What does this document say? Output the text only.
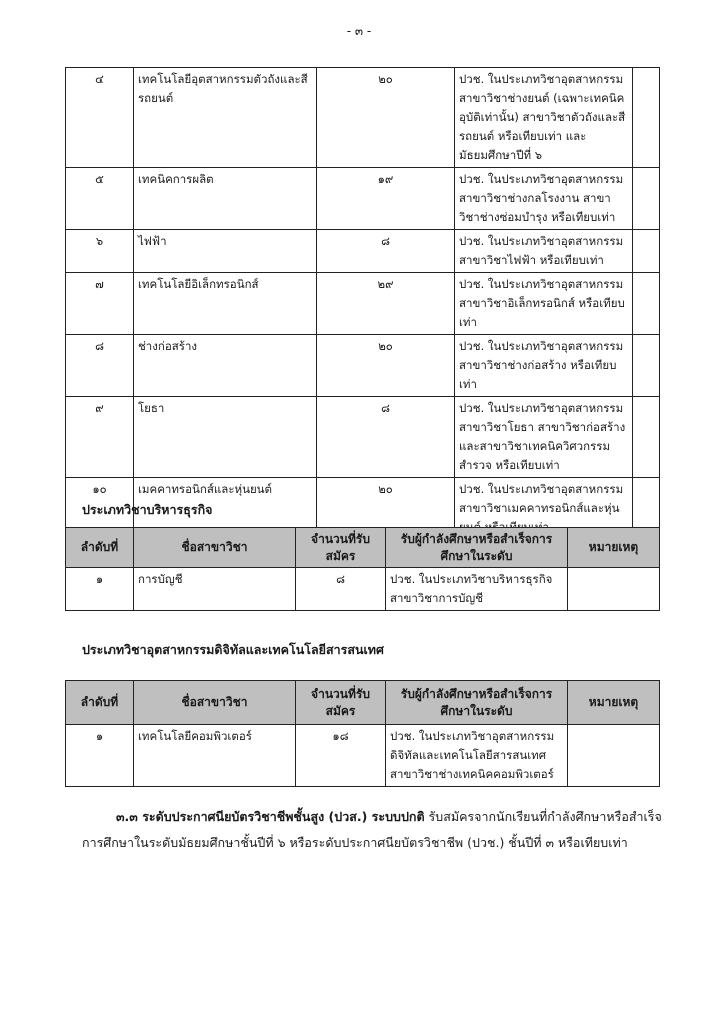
- ๓ -
๔	เทคโนโลยีอุตสาหกรรมตัวถังและสีรถยนต์	๒๐	ปวช. ในประเภทวิชาอุตสาหกรรม สาขาวิชาช่างยนต์ (เฉพาะเทคนิคอุบัติเท่านั้น) สาขาวิชาตัวถังและสีรถยนต์ หรือเทียบเท่า และมัธยมศึกษาปีที่ ๖	
๕	เทคนิคการผลิต	๑๙	ปวช. ในประเภทวิชาอุตสาหกรรม สาขาวิชาช่างกลโรงงาน สาขาวิชาช่างซ่อมบำรุง หรือเทียบเท่า	
๖	ไฟฟ้า	๘	ปวช. ในประเภทวิชาอุตสาหกรรม สาขาวิชาไฟฟ้า หรือเทียบเท่า	
๗	เทคโนโลยีอิเล็กทรอนิกส์	๒๙	ปวช. ในประเภทวิชาอุตสาหกรรม สาขาวิชาอิเล็กทรอนิกส์ หรือเทียบเท่า	
๘	ช่างก่อสร้าง	๒๐	ปวช. ในประเภทวิชาอุตสาหกรรม สาขาวิชาช่างก่อสร้าง หรือเทียบเท่า	
๙	โยธา	๘	ปวช. ในประเภทวิชาอุตสาหกรรม สาขาวิชาโยธา สาขาวิชาก่อสร้าง และสาขาวิชาเทคนิควิศวกรรมสำรวจ หรือเทียบเท่า	
๑๐	เมคคาทรอนิกส์และหุ่นยนต์	๒๐	ปวช. ในประเภทวิชาอุตสาหกรรม สาขาวิชาเมคคาทรอนิกส์และหุ่น	
ประเภทวิชาบริหารธุรกิจ
ลำดับที่	ชื่อสาขาวิชา	จำนวนที่รับสมัคร	รับผู้กำลังศึกษาหรือสำเร็จการศึกษาในระดับ	หมายเหตุ
๑	การบัญชี	๘	ปวช. ในประเภทวิชาบริหารธุรกิจ สาขาวิชาการบัญชี	
ประเภทวิชาอุตสาหกรรมดิจิทัลและเทคโนโลยีสารสนเทศ
ลำดับที่	ชื่อสาขาวิชา	จำนวนที่รับสมัคร	รับผู้กำลังศึกษาหรือสำเร็จการศึกษาในระดับ	หมายเหตุ
๑	เทคโนโลยีคอมพิวเตอร์	๑๘	ปวช. ในประเภทวิชาอุตสาหกรรมดิจิทัลและเทคโนโลยีสารสนเทศ สาขาวิชาช่างเทคนิคคอมพิวเตอร์	
๓.๓ ระดับประกาศนียบัตรวิชาชีพชั้นสูง (ปวส.) ระบบปกติ รับสมัครจากนักเรียนที่กำลังศึกษาหรือสำเร็จการศึกษาในระดับมัธยมศึกษาชั้นปีที่ ๖ หรือระดับประกาศนียบัตรวิชาชีพ (ปวช.) ชั้นปีที่ ๓ หรือเทียบเท่า
